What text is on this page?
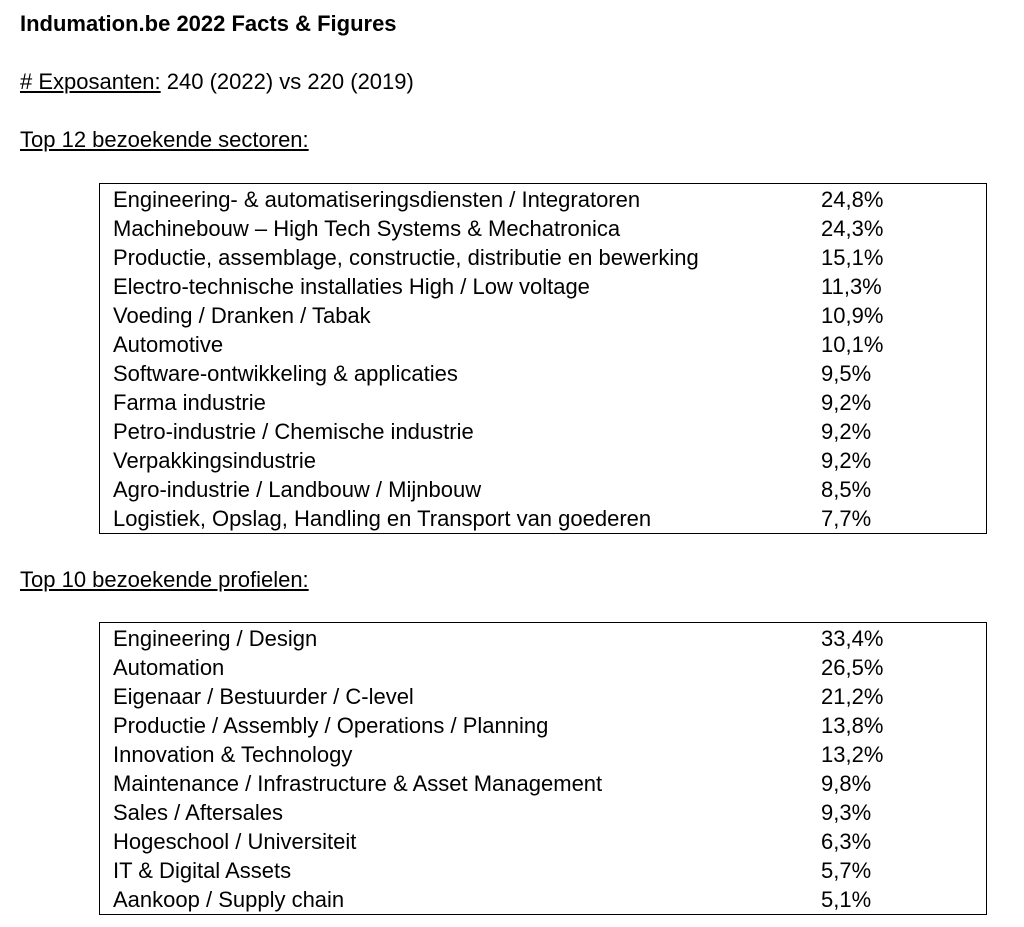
Indumation.be 2022 Facts & Figures
# Exposanten: 240 (2022) vs 220 (2019)
Top 12 bezoekende sectoren:
Engineering- & automatiseringsdiensten / Integratoren	24,8%
Machinebouw – High Tech Systems & Mechatronica	24,3%
Productie, assemblage, constructie, distributie en bewerking	15,1%
Electro-technische installaties High / Low voltage	11,3%
Voeding / Dranken / Tabak	10,9%
Automotive	10,1%
Software-ontwikkeling & applicaties	9,5%
Farma industrie	9,2%
Petro-industrie / Chemische industrie	9,2%
Verpakkingsindustrie	9,2%
Agro-industrie / Landbouw / Mijnbouw	8,5%
Logistiek, Opslag, Handling en Transport van goederen	7,7%
Top 10 bezoekende profielen:
Engineering / Design	33,4%
Automation	26,5%
Eigenaar / Bestuurder / C-level	21,2%
Productie / Assembly / Operations / Planning	13,8%
Innovation & Technology	13,2%
Maintenance / Infrastructure & Asset Management	9,8%
Sales / Aftersales	9,3%
Hogeschool / Universiteit	6,3%
IT & Digital Assets	5,7%
Aankoop / Supply chain	5,1%
